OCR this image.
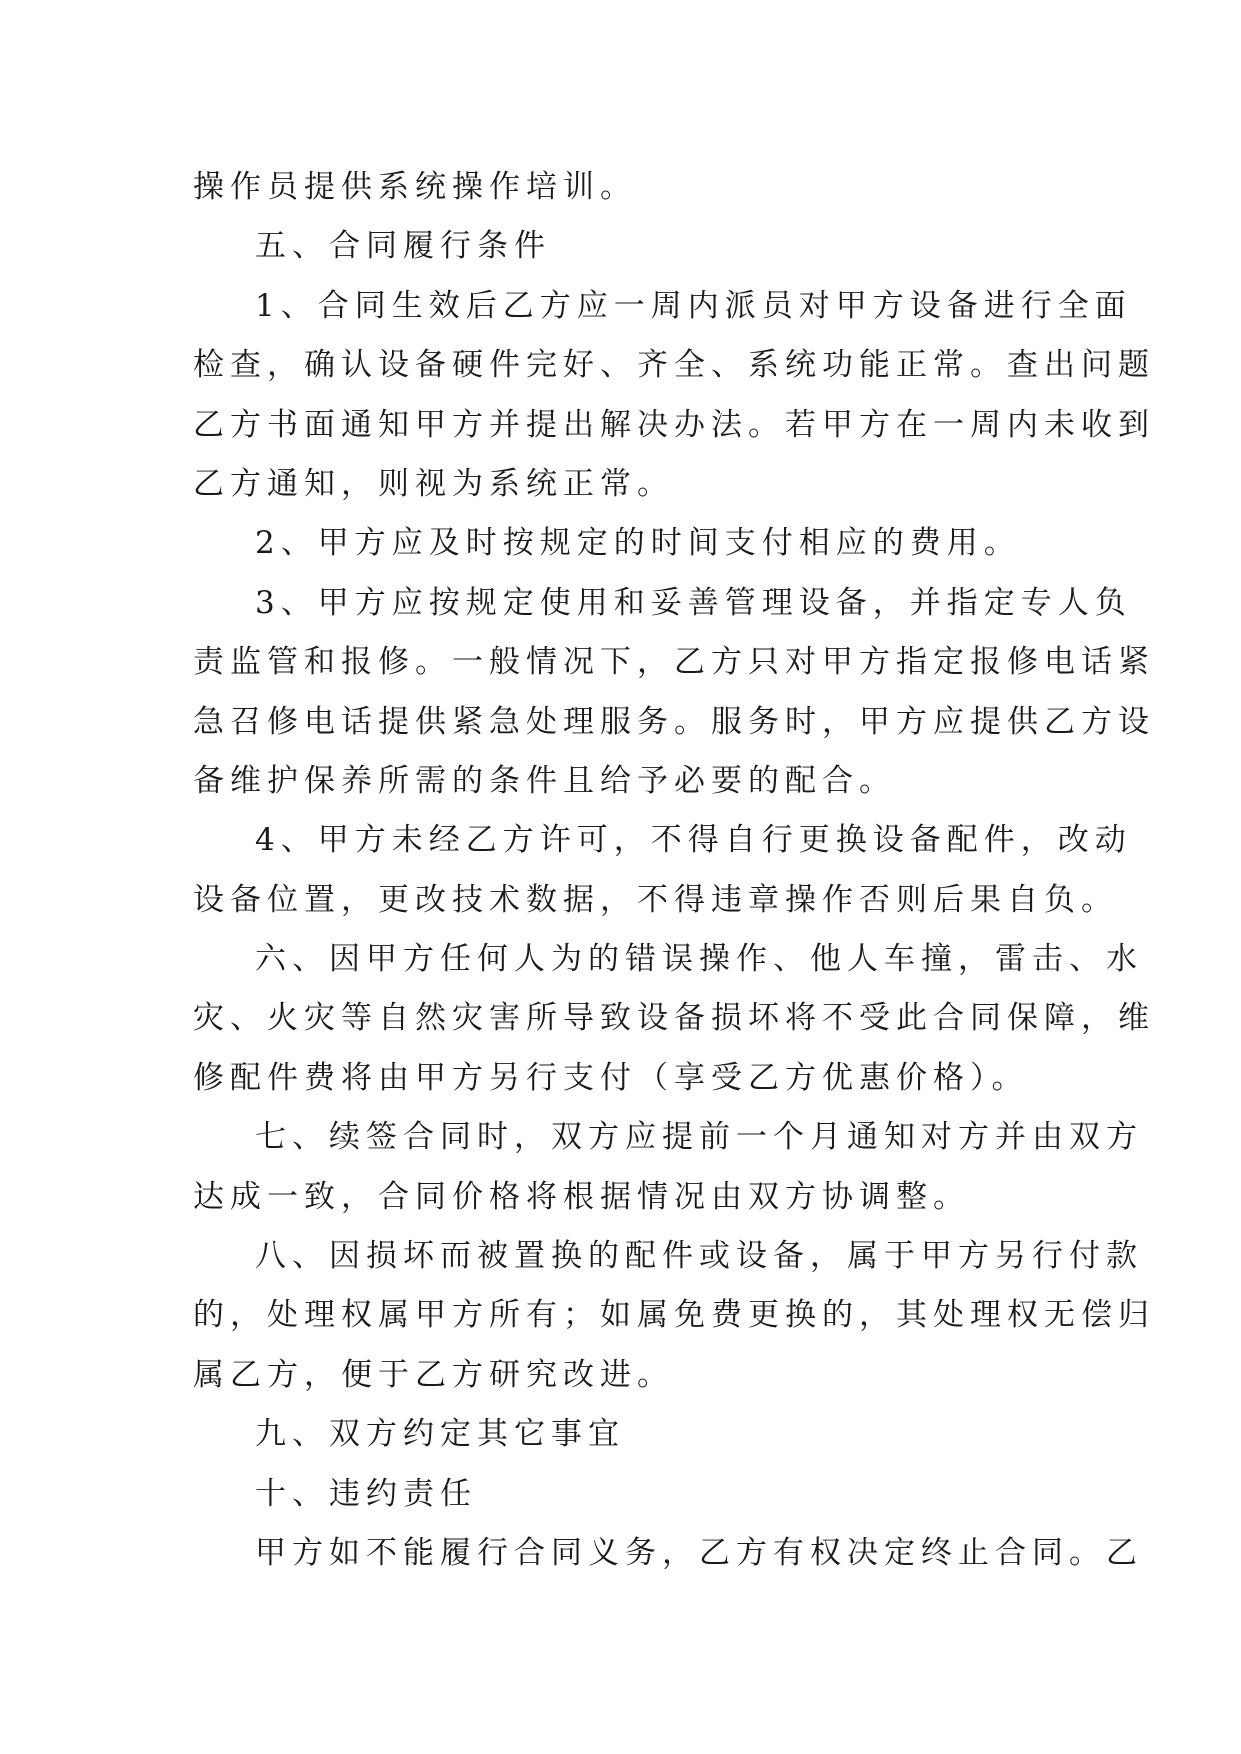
操作员提供系统操作培训。
五、合同履行条件
1、合同生效后乙方应一周内派员对甲方设备进行全面
检查，确认设备硬件完好、齐全、系统功能正常。查出问题
乙方书面通知甲方并提出解决办法。若甲方在一周内未收到
乙方通知，则视为系统正常。
2、甲方应及时按规定的时间支付相应的费用。
3、甲方应按规定使用和妥善管理设备，并指定专人负
责监管和报修。一般情况下，乙方只对甲方指定报修电话紧
急召修电话提供紧急处理服务。服务时，甲方应提供乙方设
备维护保养所需的条件且给予必要的配合。
4、甲方未经乙方许可，不得自行更换设备配件，改动
设备位置，更改技术数据，不得违章操作否则后果自负。
六、因甲方任何人为的错误操作、他人车撞，雷击、水
灾、火灾等自然灾害所导致设备损坏将不受此合同保障，维
修配件费将由甲方另行支付（享受乙方优惠价格）。
七、续签合同时，双方应提前一个月通知对方并由双方
达成一致，合同价格将根据情况由双方协调整。
八、因损坏而被置换的配件或设备，属于甲方另行付款
的，处理权属甲方所有；如属免费更换的，其处理权无偿归
属乙方，便于乙方研究改进。
九、双方约定其它事宜
十、违约责任
甲方如不能履行合同义务，乙方有权决定终止合同。乙
